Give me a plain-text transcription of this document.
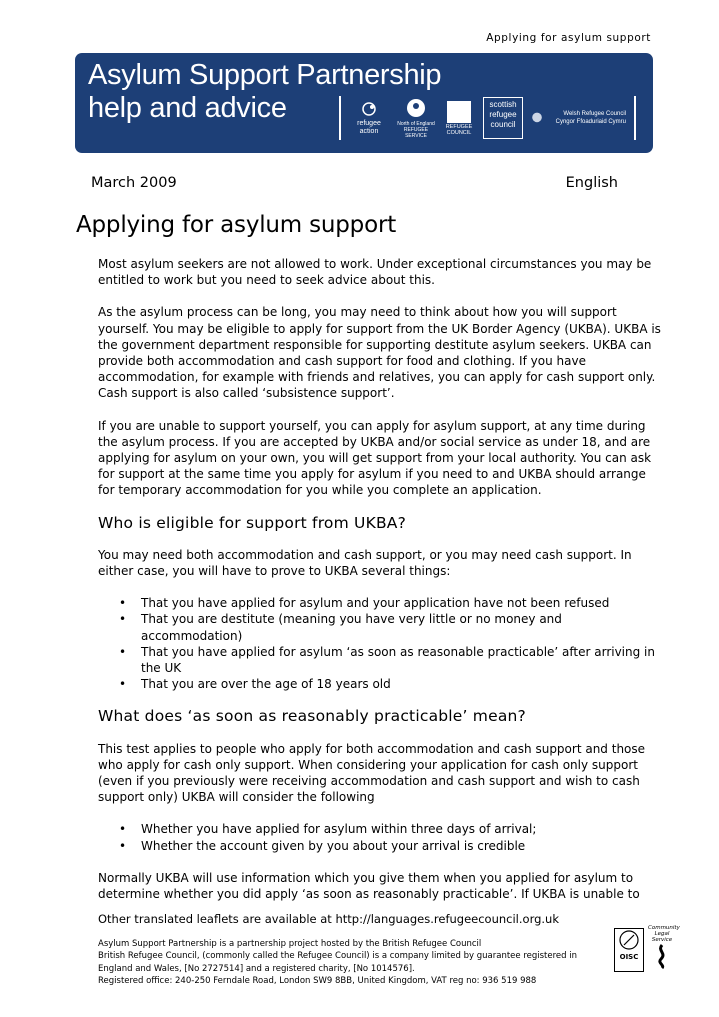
Applying for asylum support
Asylum Support Partnership
help and advice	refugee action
North of England REFUGEE SERVICE
REFUGEE COUNCIL
scottish refugee council
Welsh Refugee Council Cyngor Ffoaduriaid Cymru
March 2009	English
Applying for asylum support

Most asylum seekers are not allowed to work. Under exceptional circumstances you may be entitled to work but you need to seek advice about this.

As the asylum process can be long, you may need to think about how you will support yourself. You may be eligible to apply for support from the UK Border Agency (UKBA). UKBA is the government department responsible for supporting destitute asylum seekers. UKBA can provide both accommodation and cash support for food and clothing. If you have accommodation, for example with friends and relatives, you can apply for cash support only. Cash support is also called ‘subsistence support’.

If you are unable to support yourself, you can apply for asylum support, at any time during the asylum process. If you are accepted by UKBA and/or social service as under 18, and are applying for asylum on your own, you will get support from your local authority. You can ask for support at the same time you apply for asylum if you need to and UKBA should arrange for temporary accommodation for you while you complete an application.

Who is eligible for support from UKBA?

You may need both accommodation and cash support, or you may need cash support. In either case, you will have to prove to UKBA several things:

• That you have applied for asylum and your application have not been refused
• That you are destitute (meaning you have very little or no money and accommodation)
• That you have applied for asylum ‘as soon as reasonable practicable’ after arriving in the UK
• That you are over the age of 18 years old
What does ‘as soon as reasonably practicable’ mean?

This test applies to people who apply for both accommodation and cash support and those who apply for cash only support. When considering your application for cash only support (even if you previously were receiving accommodation and cash support and wish to cash support only) UKBA will consider the following

• Whether you have applied for asylum within three days of arrival;
• Whether the account given by you about your arrival is credible

Normally UKBA will use information which you give them when you applied for asylum to determine whether you did apply ‘as soon as reasonably practicable’. If UKBA is unable to

Other translated leaflets are available at http://languages.refugeecouncil.org.uk
Asylum Support Partnership is a partnership project hosted by the British Refugee Council
British Refugee Council, (commonly called the Refugee Council) is a company limited by guarantee registered in
England and Wales, [No 2727514] and a registered charity, [No 1014576].
Registered office: 240-250 Ferndale Road, London SW9 8BB, United Kingdom, VAT reg no: 936 519 988
OISC
Community Legal Service
